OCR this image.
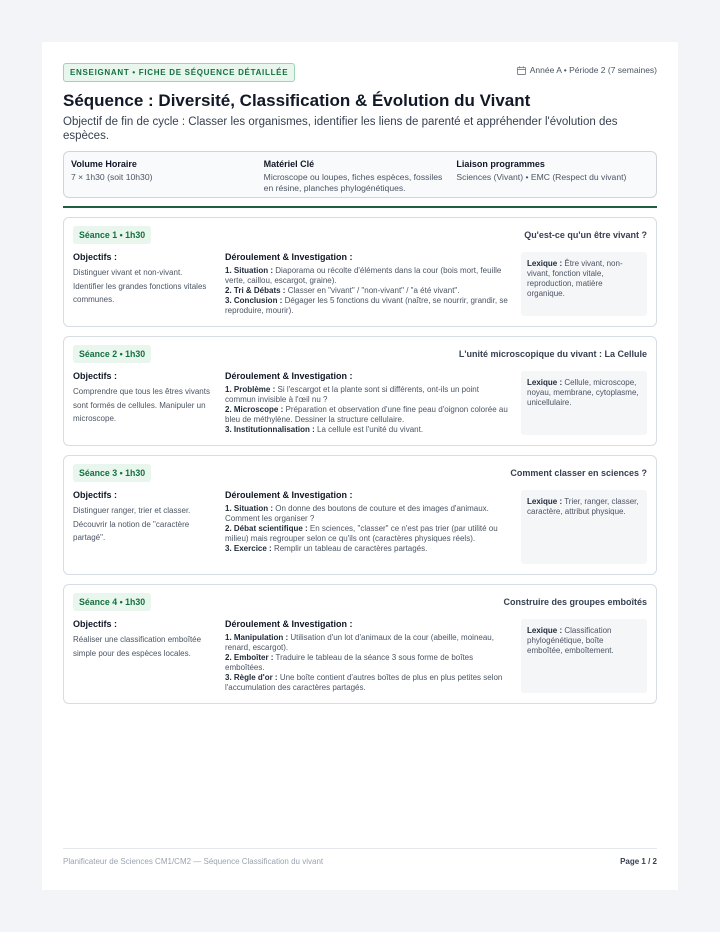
ENSEIGNANT • FICHE DE SÉQUENCE DÉTAILLÉE	Année A • Période 2 (7 semaines)
Séquence : Diversité, Classification & Évolution du Vivant

Objectif de fin de cycle : Classer les organismes, identifier les liens de parenté et appréhender l'évolution des espèces.

Volume Horaire
7 × 1h30 (soit 10h30)
Matériel Clé
Microscope ou loupes, fiches espèces, fossiles en résine, planches phylogénétiques.
Liaison programmes
Sciences (Vivant) • EMC (Respect du vivant)
Séance 1 • 1h30	Qu'est-ce qu'un être vivant ?
Objectifs :
Distinguer vivant et non-vivant. Identifier les grandes fonctions vitales communes.
Déroulement & Investigation :
1. Situation : Diaporama ou récolte d'éléments dans la cour (bois mort, feuille verte, caillou, escargot, graine).
2. Tri & Débats : Classer en "vivant" / "non-vivant" / "a été vivant".
3. Conclusion : Dégager les 5 fonctions du vivant (naître, se nourrir, grandir, se reproduire, mourir).
Lexique : Être vivant, non-vivant, fonction vitale, reproduction, matière organique.
Séance 2 • 1h30	L'unité microscopique du vivant : La Cellule
Objectifs :
Comprendre que tous les êtres vivants sont formés de cellules. Manipuler un microscope.
Déroulement & Investigation :
1. Problème : Si l'escargot et la plante sont si différents, ont-ils un point commun invisible à l'œil nu ?
2. Microscope : Préparation et observation d'une fine peau d'oignon colorée au bleu de méthylène. Dessiner la structure cellulaire.
3. Institutionnalisation : La cellule est l'unité du vivant.
Lexique : Cellule, microscope, noyau, membrane, cytoplasme, unicellulaire.
Séance 3 • 1h30	Comment classer en sciences ?
Objectifs :
Distinguer ranger, trier et classer. Découvrir la notion de "caractère partagé".
Déroulement & Investigation :
1. Situation : On donne des boutons de couture et des images d'animaux. Comment les organiser ?
2. Débat scientifique : En sciences, "classer" ce n'est pas trier (par utilité ou milieu) mais regrouper selon ce qu'ils ont (caractères physiques réels).
3. Exercice : Remplir un tableau de caractères partagés.
Lexique : Trier, ranger, classer, caractère, attribut physique.
Séance 4 • 1h30	Construire des groupes emboîtés
Objectifs :
Réaliser une classification emboîtée simple pour des espèces locales.
Déroulement & Investigation :
1. Manipulation : Utilisation d'un lot d'animaux de la cour (abeille, moineau, renard, escargot).
2. Emboîter : Traduire le tableau de la séance 3 sous forme de boîtes emboîtées.
3. Règle d'or : Une boîte contient d'autres boîtes de plus en plus petites selon l'accumulation des caractères partagés.
Lexique : Classification phylogénétique, boîte emboîtée, emboîtement.
Planificateur de Sciences CM1/CM2 — Séquence Classification du vivant	Page 1 / 2
